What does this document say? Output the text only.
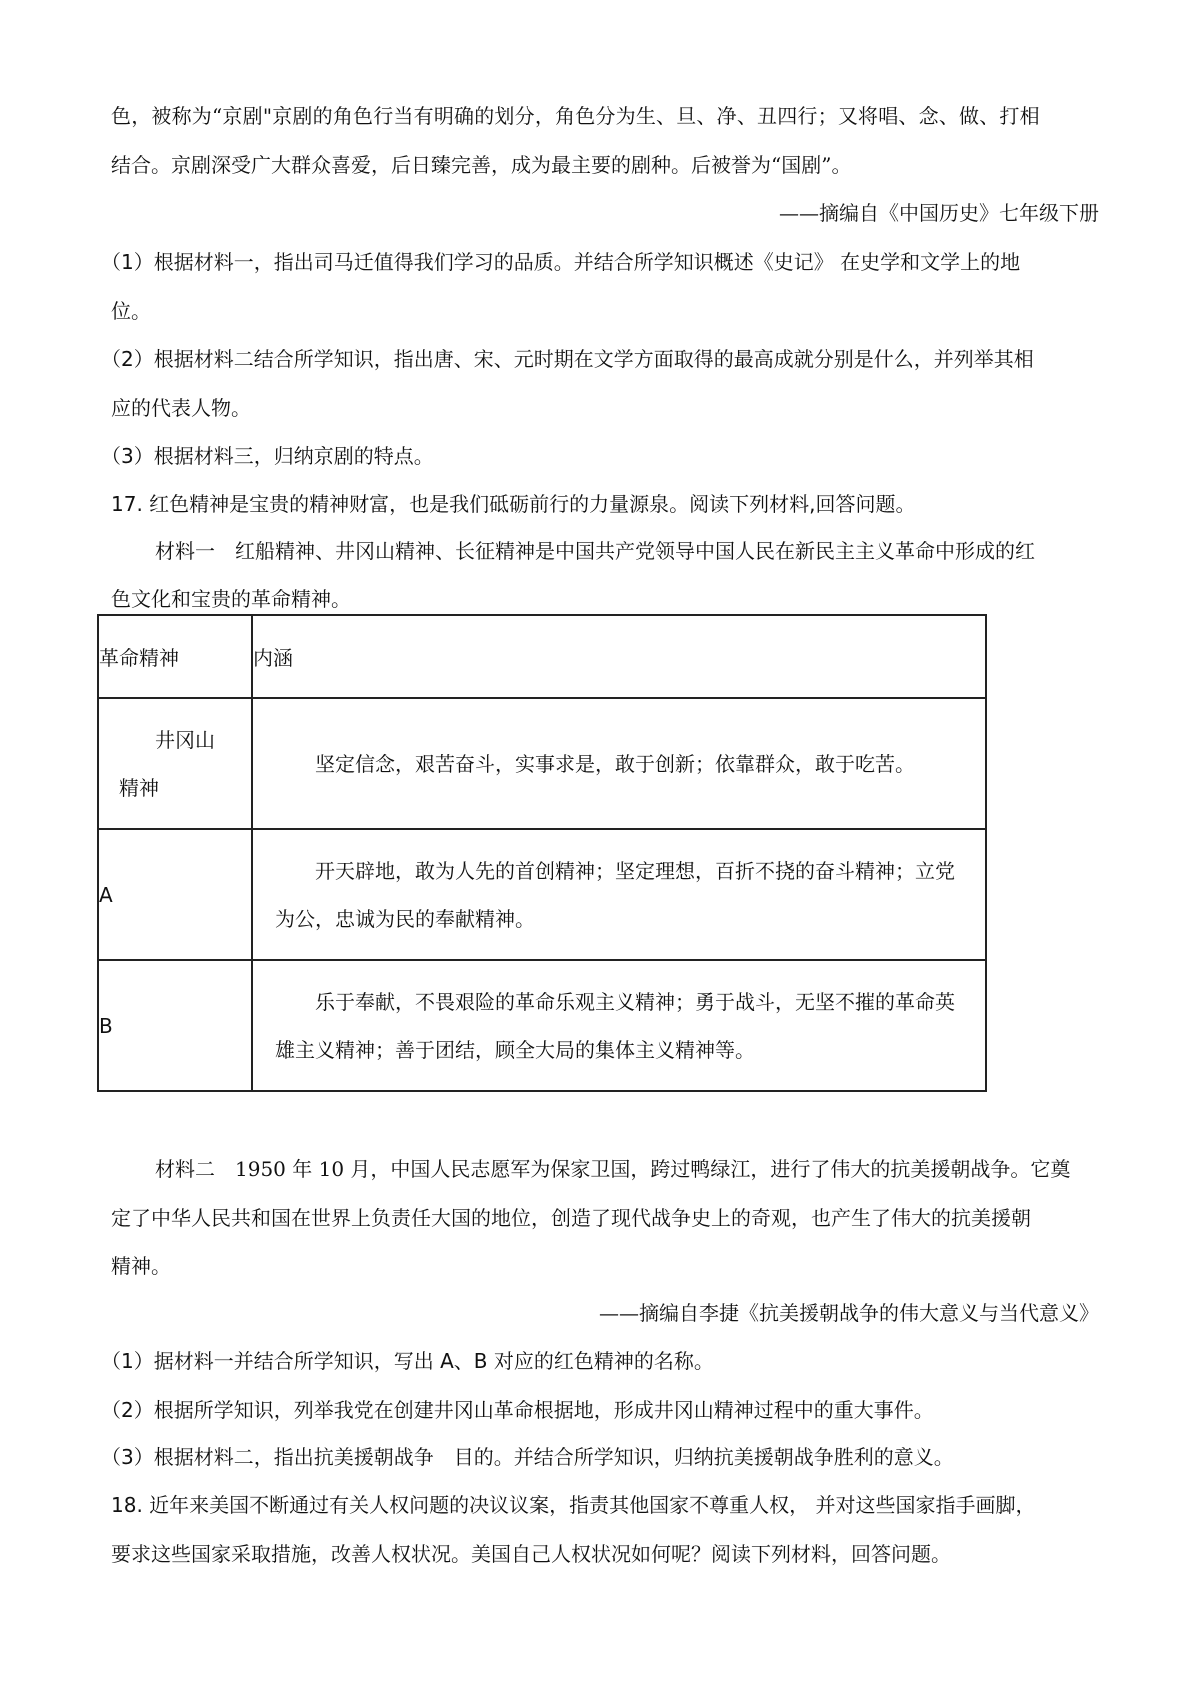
色，被称为“京剧"京剧的角色行当有明确的划分，角色分为生、旦、净、丑四行；又将唱、念、做、打相
结合。京剧深受广大群众喜爱，后日臻完善，成为最主要的剧种。后被誉为“国剧”。
——摘编自《中国历史》七年级下册
（1）根据材料一，指出司马迁值得我们学习的品质。并结合所学知识概述《史记》 在史学和文学上的地
位。
（2）根据材料二结合所学知识，指出唐、宋、元时期在文学方面取得的最高成就分别是什么，并列举其相
应的代表人物。
（3）根据材料三，归纳京剧的特点。
17. 红色精神是宝贵的精神财富，也是我们砥砺前行的力量源泉。阅读下列材料,回答问题。
材料一　红船精神、井冈山精神、长征精神是中国共产党领导中国人民在新民主主义革命中形成的红
色文化和宝贵的革命精神。
革命精神	内涵

井冈山精神	坚定信念，艰苦奋斗，实事求是，敢于创新；依靠群众，敢于吃苦。

A	开天辟地，敢为人先的首创精神；坚定理想，百折不挠的奋斗精神；立党为公，忠诚为民的奉献精神。

B	乐于奉献，不畏艰险的革命乐观主义精神；勇于战斗，无坚不摧的革命英雄主义精神；善于团结，顾全大局的集体主义精神等。
材料二　1950 年 10 月，中国人民志愿军为保家卫国，跨过鸭绿江，进行了伟大的抗美援朝战争。它奠
定了中华人民共和国在世界上负责任大国的地位，创造了现代战争史上的奇观，也产生了伟大的抗美援朝
精神。
——摘编自李捷《抗美援朝战争的伟大意义与当代意义》
（1）据材料一并结合所学知识，写出 A、B 对应的红色精神的名称。
（2）根据所学知识，列举我党在创建井冈山革命根据地，形成井冈山精神过程中的重大事件。
（3）根据材料二，指出抗美援朝战争　目的。并结合所学知识，归纳抗美援朝战争胜利的意义。
18. 近年来美国不断通过有关人权问题的决议议案，指责其他国家不尊重人权， 并对这些国家指手画脚，
要求这些国家采取措施，改善人权状况。美国自己人权状况如何呢？阅读下列材料，回答问题。
